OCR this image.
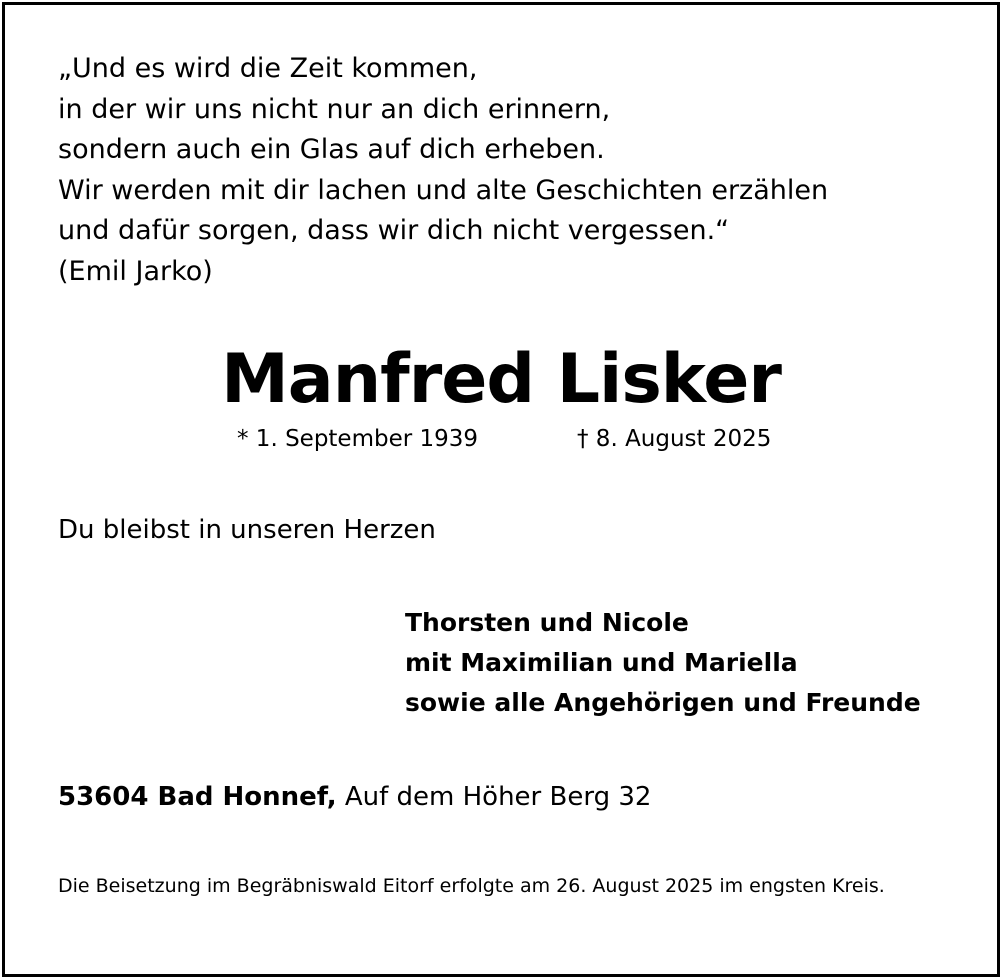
„Und es wird die Zeit kommen,
in der wir uns nicht nur an dich erinnern,
sondern auch ein Glas auf dich erheben.
Wir werden mit dir lachen und alte Geschichten erzählen
und dafür sorgen, dass wir dich nicht vergessen.“
(Emil Jarko)
Manfred Lisker
* 1. September 1939	† 8. August 2025
Du bleibst in unseren Herzen
Thorsten und Nicole
mit Maximilian und Mariella
sowie alle Angehörigen und Freunde
53604 Bad Honnef, Auf dem Höher Berg 32

Die Beisetzung im Begräbniswald Eitorf erfolgte am 26. August 2025 im engsten Kreis.
